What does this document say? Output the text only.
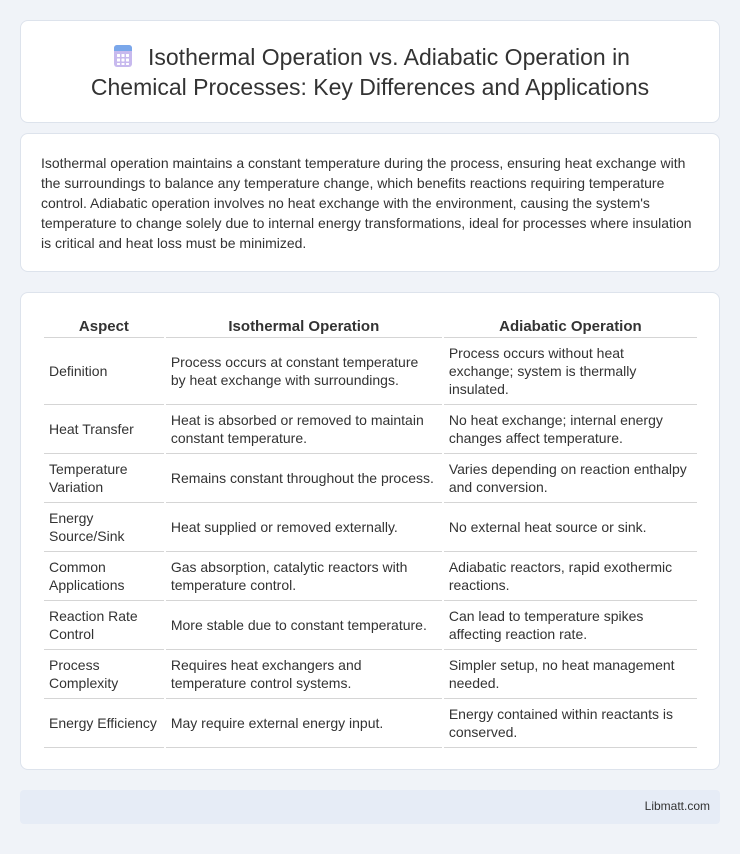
Isothermal Operation vs. Adiabatic Operation in Chemical Processes: Key Differences and Applications

Isothermal operation maintains a constant temperature during the process, ensuring heat exchange with the surroundings to balance any temperature change, which benefits reactions requiring temperature control. Adiabatic operation involves no heat exchange with the environment, causing the system's temperature to change solely due to internal energy transformations, ideal for processes where insulation is critical and heat loss must be minimized.

Aspect	Isothermal Operation	Adiabatic Operation
Definition	Process occurs at constant temperature by heat exchange with surroundings.	Process occurs without heat exchange; system is thermally insulated.
Heat Transfer	Heat is absorbed or removed to maintain constant temperature.	No heat exchange; internal energy changes affect temperature.
Temperature Variation	Remains constant throughout the process.	Varies depending on reaction enthalpy and conversion.
Energy Source/Sink	Heat supplied or removed externally.	No external heat source or sink.
Common Applications	Gas absorption, catalytic reactors with temperature control.	Adiabatic reactors, rapid exothermic reactions.
Reaction Rate Control	More stable due to constant temperature.	Can lead to temperature spikes affecting reaction rate.
Process Complexity	Requires heat exchangers and temperature control systems.	Simpler setup, no heat management needed.
Energy Efficiency	May require external energy input.	Energy contained within reactants is conserved.
Libmatt.com
